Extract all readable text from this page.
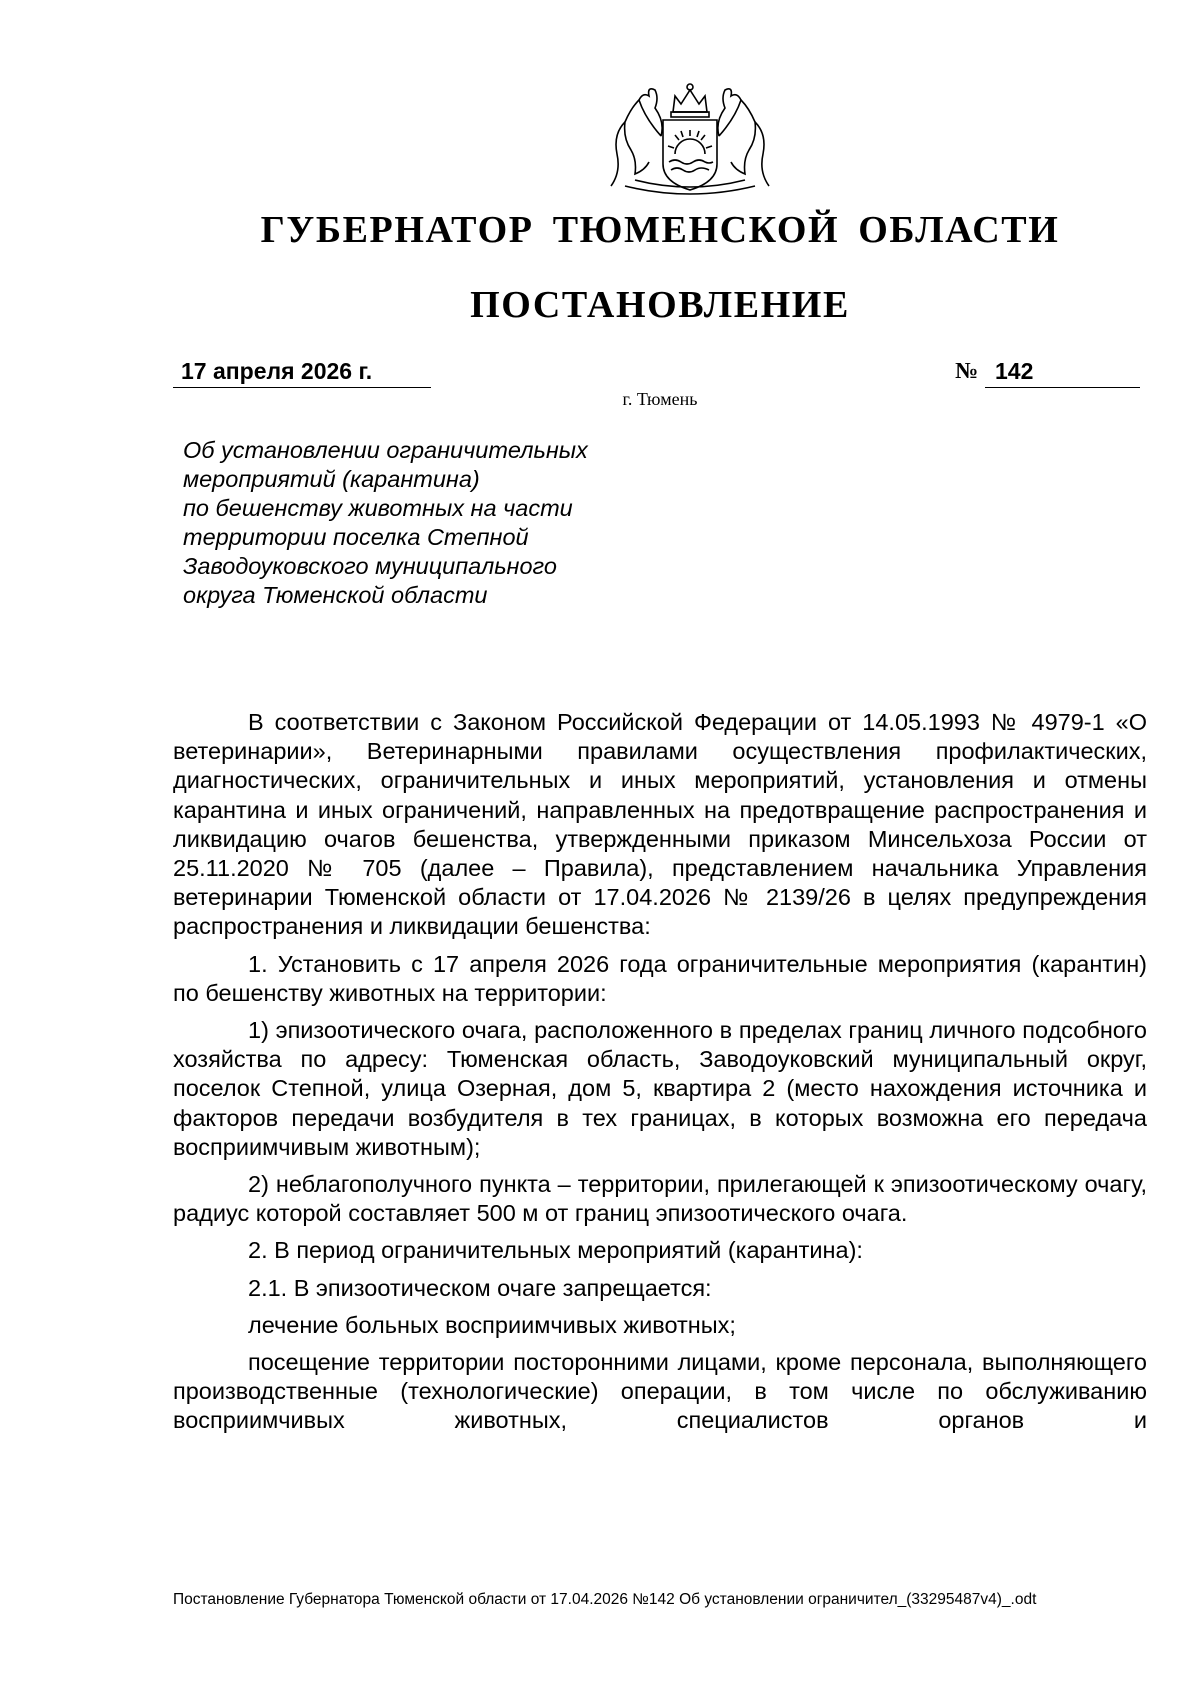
ГУБЕРНАТОР ТЮМЕНСКОЙ ОБЛАСТИ
ПОСТАНОВЛЕНИЕ
17 апреля 2026 г.	№ 142
г. Тюмень
Об установлении ограничительных
мероприятий (карантина)
по бешенству животных на части
территории поселка Степной
Заводоуковского муниципального
округа Тюменской области

В соответствии с Законом Российской Федерации от 14.05.1993 № 4979-1 «О ветеринарии», Ветеринарными правилами осуществления профилактических, диагностических, ограничительных и иных мероприятий, установления и отмены карантина и иных ограничений, направленных на предотвращение распространения и ликвидацию очагов бешенства, утвержденными приказом Минсельхоза России от 25.11.2020 № 705 (далее – Правила), представлением начальника Управления ветеринарии Тюменской области от 17.04.2026 № 2139/26 в целях предупреждения распространения и ликвидации бешенства:

1. Установить с 17 апреля 2026 года ограничительные мероприятия (карантин) по бешенству животных на территории:

1) эпизоотического очага, расположенного в пределах границ личного подсобного хозяйства по адресу: Тюменская область, Заводоуковский муниципальный округ, поселок Степной, улица Озерная, дом 5, квартира 2 (место нахождения источника и факторов передачи возбудителя в тех границах, в которых возможна его передача восприимчивым животным);

2) неблагополучного пункта – территории, прилегающей к эпизоотическому очагу, радиус которой составляет 500 м от границ эпизоотического очага.

2. В период ограничительных мероприятий (карантина):

2.1. В эпизоотическом очаге запрещается:

лечение больных восприимчивых животных;

посещение территории посторонними лицами, кроме персонала, выполняющего производственные (технологические) операции, в том числе по обслуживанию восприимчивых животных, специалистов органов и

Постановление Губернатора Тюменской области от 17.04.2026 №142 Об установлении ограничител_(33295487v4)_.odt
